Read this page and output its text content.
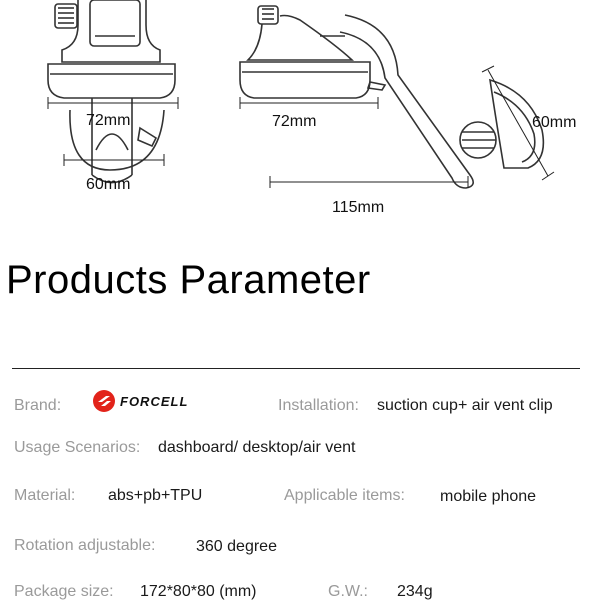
72mm
60mm
72mm
115mm
60mm
Products Parameter
Brand:	FORCELL	Installation: suction cup+ air vent clip
Usage Scenarios: dashboard/ desktop/air vent
Material: abs+pb+TPU	Applicable items: mobile phone
Rotation adjustable:	360 degree
Package size: 172*80*80 (mm)	G.W.: 234g
